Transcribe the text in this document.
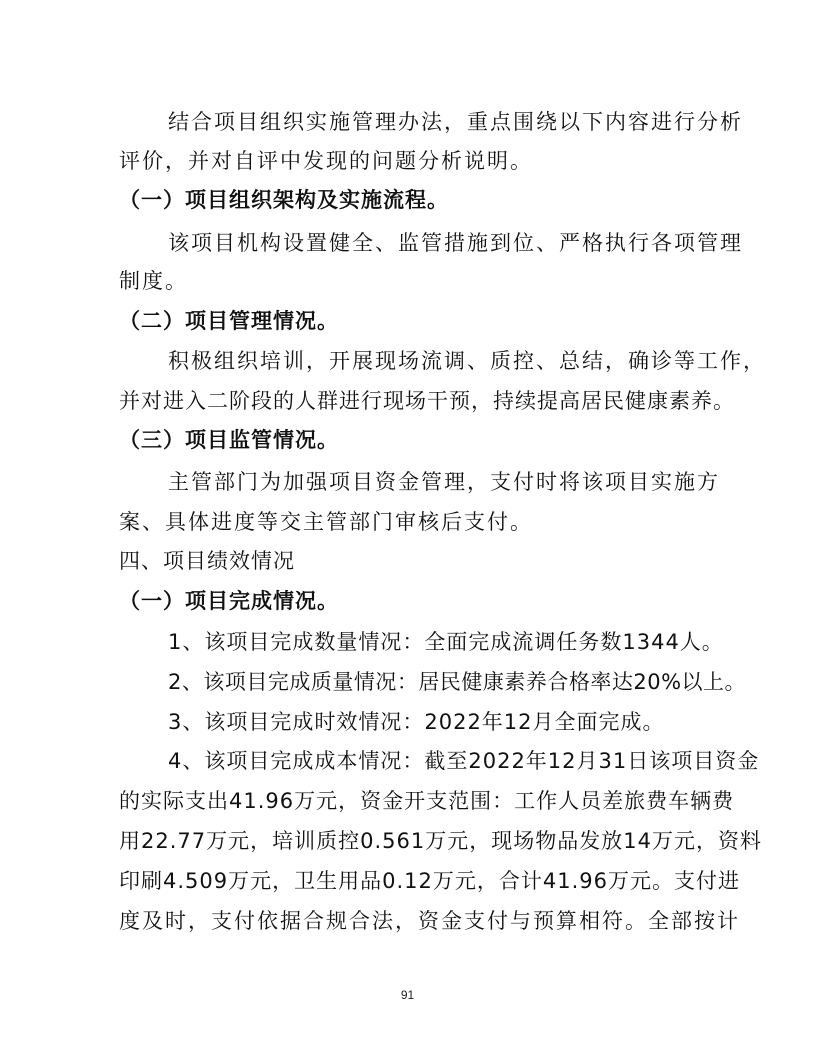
结合项目组织实施管理办法，重点围绕以下内容进行分析
评价，并对自评中发现的问题分析说明。
（一）项目组织架构及实施流程。
该项目机构设置健全、监管措施到位、严格执行各项管理
制度。
（二）项目管理情况。
积极组织培训，开展现场流调、质控、总结，确诊等工作，
并对进入二阶段的人群进行现场干预，持续提高居民健康素养。
（三）项目监管情况。
主管部门为加强项目资金管理，支付时将该项目实施方
案、具体进度等交主管部门审核后支付。
四、项目绩效情况
（一）项目完成情况。
1、该项目完成数量情况：全面完成流调任务数1344人。
2、该项目完成质量情况：居民健康素养合格率达20%以上。
3、该项目完成时效情况：2022年12月全面完成。
4、该项目完成成本情况：截至2022年12月31日该项目资金
的实际支出41.96万元，资金开支范围：工作人员差旅费车辆费
用22.77万元，培训质控0.561万元，现场物品发放14万元，资料
印刷4.509万元，卫生用品0.12万元，合计41.96万元。支付进
度及时，支付依据合规合法，资金支付与预算相符。全部按计
91
